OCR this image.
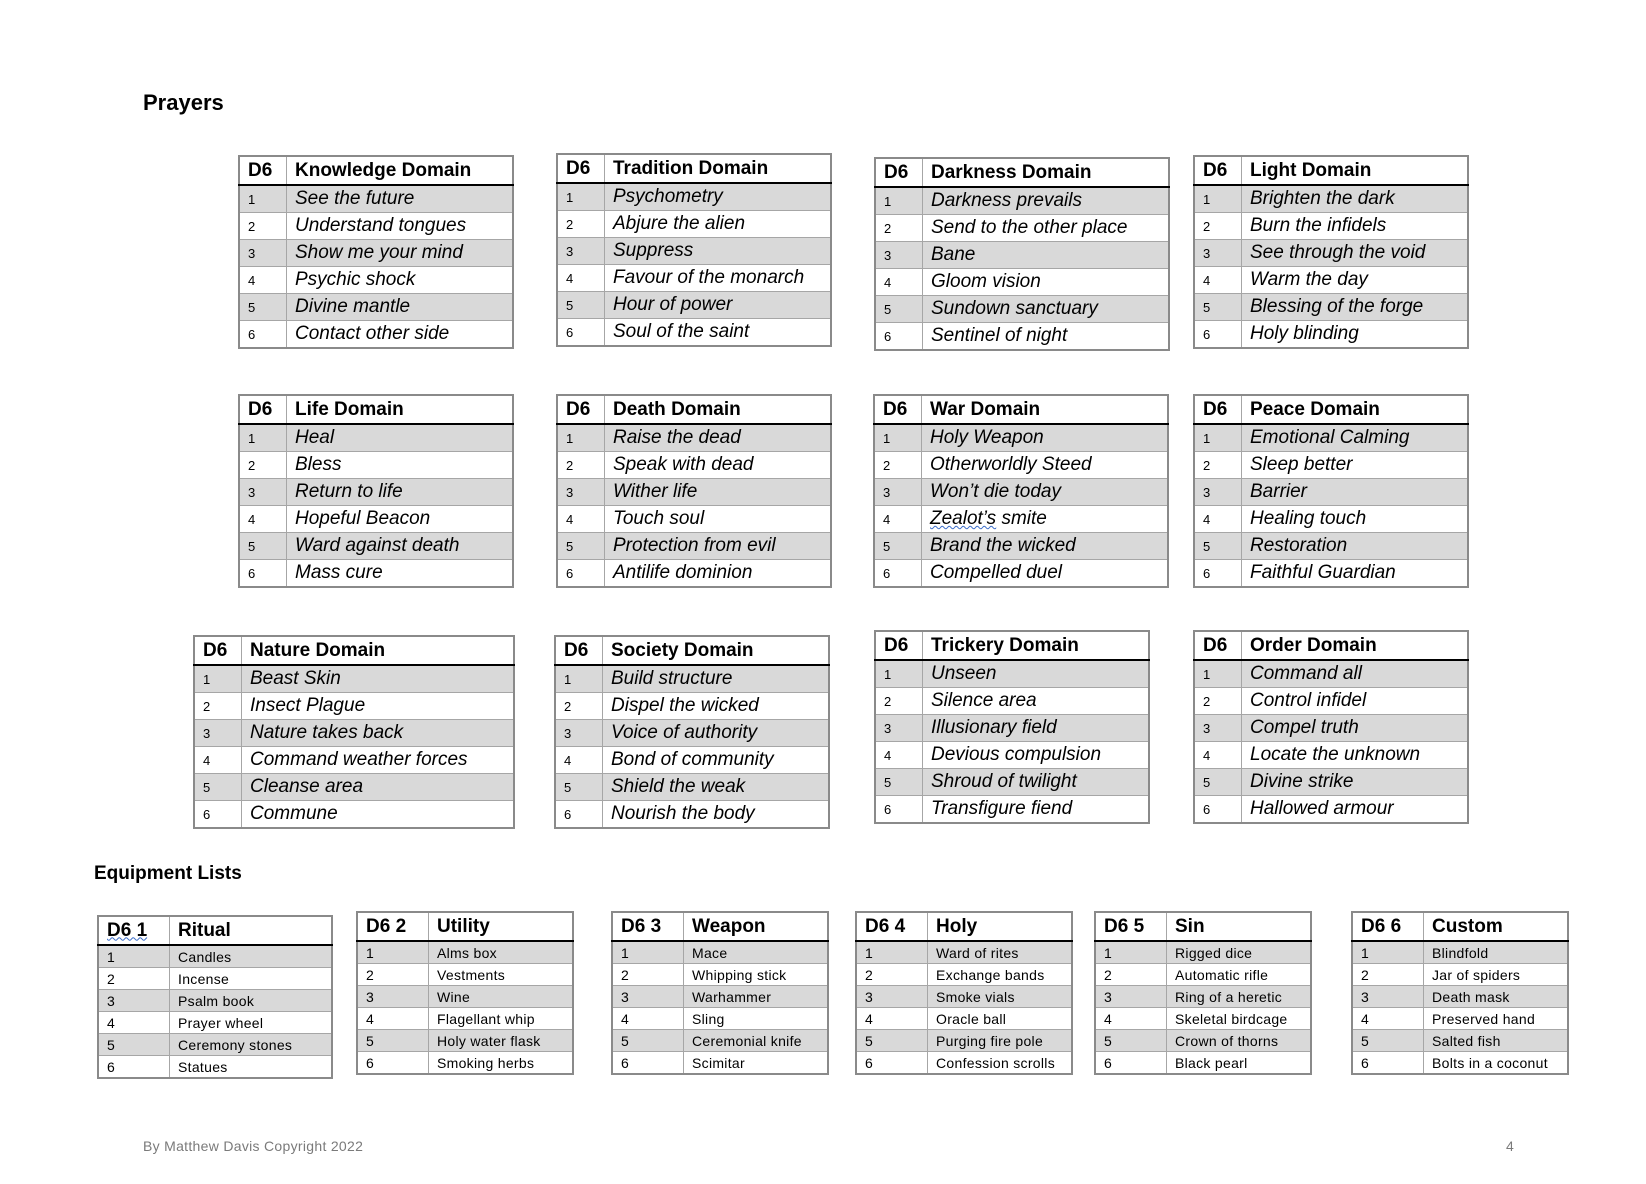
Prayers
D6	Knowledge Domain
1	See the future
2	Understand tongues
3	Show me your mind
4	Psychic shock
5	Divine mantle
6	Contact other side
D6	Tradition Domain
1	Psychometry
2	Abjure the alien
3	Suppress
4	Favour of the monarch
5	Hour of power
6	Soul of the saint
D6	Darkness Domain
1	Darkness prevails
2	Send to the other place
3	Bane
4	Gloom vision
5	Sundown sanctuary
6	Sentinel of night
D6	Light Domain
1	Brighten the dark
2	Burn the infidels
3	See through the void
4	Warm the day
5	Blessing of the forge
6	Holy blinding
D6	Life Domain
1	Heal
2	Bless
3	Return to life
4	Hopeful Beacon
5	Ward against death
6	Mass cure
D6	Death Domain
1	Raise the dead
2	Speak with dead
3	Wither life
4	Touch soul
5	Protection from evil
6	Antilife dominion
D6	War Domain
1	Holy Weapon
2	Otherworldly Steed
3	Won’t die today
4	Zealot’s smite
5	Brand the wicked
6	Compelled duel
D6	Peace Domain
1	Emotional Calming
2	Sleep better
3	Barrier
4	Healing touch
5	Restoration
6	Faithful Guardian
D6	Nature Domain
1	Beast Skin
2	Insect Plague
3	Nature takes back
4	Command weather forces
5	Cleanse area
6	Commune
D6	Society Domain
1	Build structure
2	Dispel the wicked
3	Voice of authority
4	Bond of community
5	Shield the weak
6	Nourish the body
D6	Trickery Domain
1	Unseen
2	Silence area
3	Illusionary field
4	Devious compulsion
5	Shroud of twilight
6	Transfigure fiend
D6	Order Domain
1	Command all
2	Control infidel
3	Compel truth
4	Locate the unknown
5	Divine strike
6	Hallowed armour
Equipment Lists
D6 1	Ritual
1	Candles
2	Incense
3	Psalm book
4	Prayer wheel
5	Ceremony stones
6	Statues
D6 2	Utility
1	Alms box
2	Vestments
3	Wine
4	Flagellant whip
5	Holy water flask
6	Smoking herbs
D6 3	Weapon
1	Mace
2	Whipping stick
3	Warhammer
4	Sling
5	Ceremonial knife
6	Scimitar
D6 4	Holy
1	Ward of rites
2	Exchange bands
3	Smoke vials
4	Oracle ball
5	Purging fire pole
6	Confession scrolls
D6 5	Sin
1	Rigged dice
2	Automatic rifle
3	Ring of a heretic
4	Skeletal birdcage
5	Crown of thorns
6	Black pearl
D6 6	Custom
1	Blindfold
2	Jar of spiders
3	Death mask
4	Preserved hand
5	Salted fish
6	Bolts in a coconut
By Matthew Davis Copyright 2022	4
